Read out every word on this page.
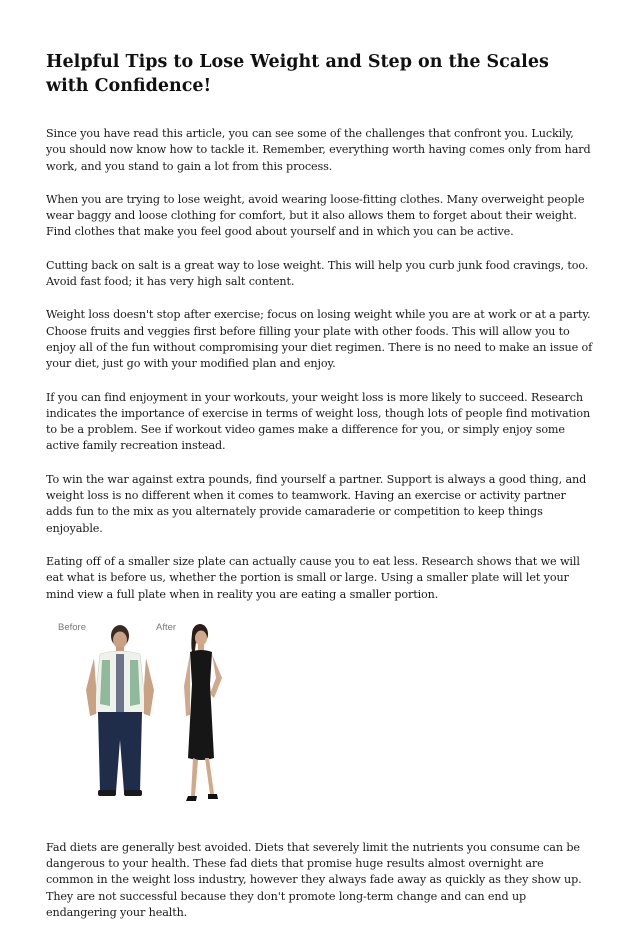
Helpful Tips to Lose Weight and Step on the Scales with Confidence!

Since you have read this article, you can see some of the challenges that confront you. Luckily, you should now know how to tackle it. Remember, everything worth having comes only from hard work, and you stand to gain a lot from this process.

When you are trying to lose weight, avoid wearing loose-fitting clothes. Many overweight people wear baggy and loose clothing for comfort, but it also allows them to forget about their weight. Find clothes that make you feel good about yourself and in which you can be active.

Cutting back on salt is a great way to lose weight. This will help you curb junk food cravings, too. Avoid fast food; it has very high salt content.

Weight loss doesn't stop after exercise; focus on losing weight while you are at work or at a party. Choose fruits and veggies first before filling your plate with other foods. This will allow you to enjoy all of the fun without compromising your diet regimen. There is no need to make an issue of your diet, just go with your modified plan and enjoy.

If you can find enjoyment in your workouts, your weight loss is more likely to succeed. Research indicates the importance of exercise in terms of weight loss, though lots of people find motivation to be a problem. See if workout video games make a difference for you, or simply enjoy some active family recreation instead.

To win the war against extra pounds, find yourself a partner. Support is always a good thing, and weight loss is no different when it comes to teamwork. Having an exercise or activity partner adds fun to the mix as you alternately provide camaraderie or competition to keep things enjoyable.

Eating off of a smaller size plate can actually cause you to eat less. Research shows that we will eat what is before us, whether the portion is small or large. Using a smaller plate will let your mind view a full plate when in reality you are eating a smaller portion.

Before	After

Fad diets are generally best avoided. Diets that severely limit the nutrients you consume can be dangerous to your health. These fad diets that promise huge results almost overnight are common in the weight loss industry, however they always fade away as quickly as they show up. They are not successful because they don't promote long-term change and can end up endangering your health.
